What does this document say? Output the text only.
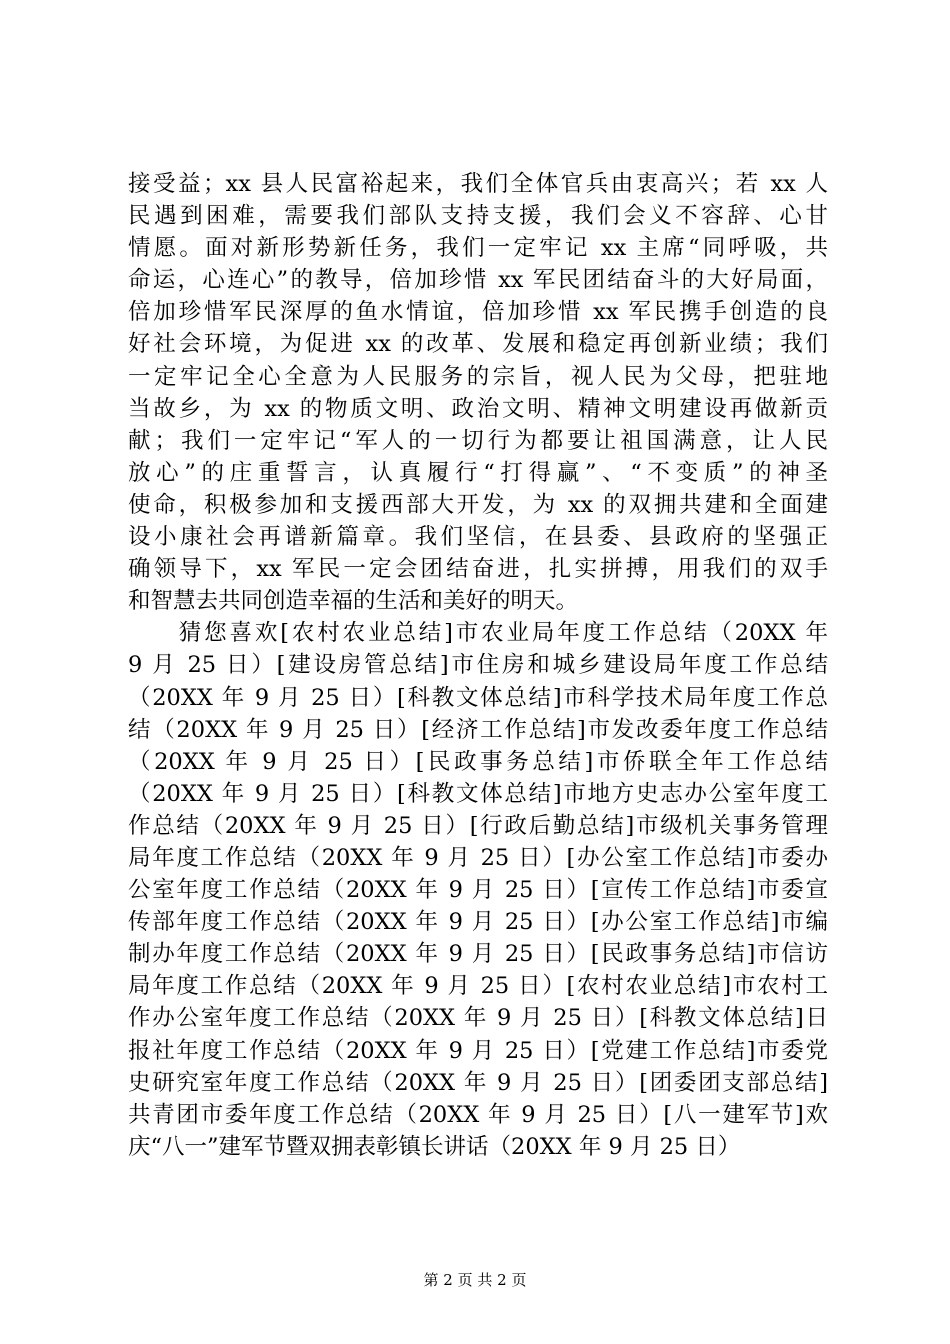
接受益；xx 县人民富裕起来，我们全体官兵由衷高兴；若 xx 人
民遇到困难，需要我们部队支持支援，我们会义不容辞、心甘
情愿。面对新形势新任务，我们一定牢记 xx 主席“同呼吸，共
命运，心连心”的教导，倍加珍惜 xx 军民团结奋斗的大好局面，
倍加珍惜军民深厚的鱼水情谊，倍加珍惜 xx 军民携手创造的良
好社会环境，为促进 xx 的改革、发展和稳定再创新业绩；我们
一定牢记全心全意为人民服务的宗旨，视人民为父母，把驻地
当故乡，为 xx 的物质文明、政治文明、精神文明建设再做新贡
献；我们一定牢记“军人的一切行为都要让祖国满意，让人民
放心”的庄重誓言，认真履行“打得赢”、“不变质”的神圣
使命，积极参加和支援西部大开发，为 xx 的双拥共建和全面建
设小康社会再谱新篇章。我们坚信，在县委、县政府的坚强正
确领导下，xx 军民一定会团结奋进，扎实拼搏，用我们的双手
和智慧去共同创造幸福的生活和美好的明天。
　　猜您喜欢[农村农业总结]市农业局年度工作总结（20XX 年
9 月 25 日）[建设房管总结]市住房和城乡建设局年度工作总结
（20XX 年 9 月 25 日）[科教文体总结]市科学技术局年度工作总
结（20XX 年 9 月 25 日）[经济工作总结]市发改委年度工作总结
（20XX 年 9 月 25 日）[民政事务总结]市侨联全年工作总结
（20XX 年 9 月 25 日）[科教文体总结]市地方史志办公室年度工
作总结（20XX 年 9 月 25 日）[行政后勤总结]市级机关事务管理
局年度工作总结（20XX 年 9 月 25 日）[办公室工作总结]市委办
公室年度工作总结（20XX 年 9 月 25 日）[宣传工作总结]市委宣
传部年度工作总结（20XX 年 9 月 25 日）[办公室工作总结]市编
制办年度工作总结（20XX 年 9 月 25 日）[民政事务总结]市信访
局年度工作总结（20XX 年 9 月 25 日）[农村农业总结]市农村工
作办公室年度工作总结（20XX 年 9 月 25 日）[科教文体总结]日
报社年度工作总结（20XX 年 9 月 25 日）[党建工作总结]市委党
史研究室年度工作总结（20XX 年 9 月 25 日）[团委团支部总结]
共青团市委年度工作总结（20XX 年 9 月 25 日）[八一建军节]欢
庆“八一”建军节暨双拥表彰镇长讲话（20XX 年 9 月 25 日）
第 2 页 共 2 页
